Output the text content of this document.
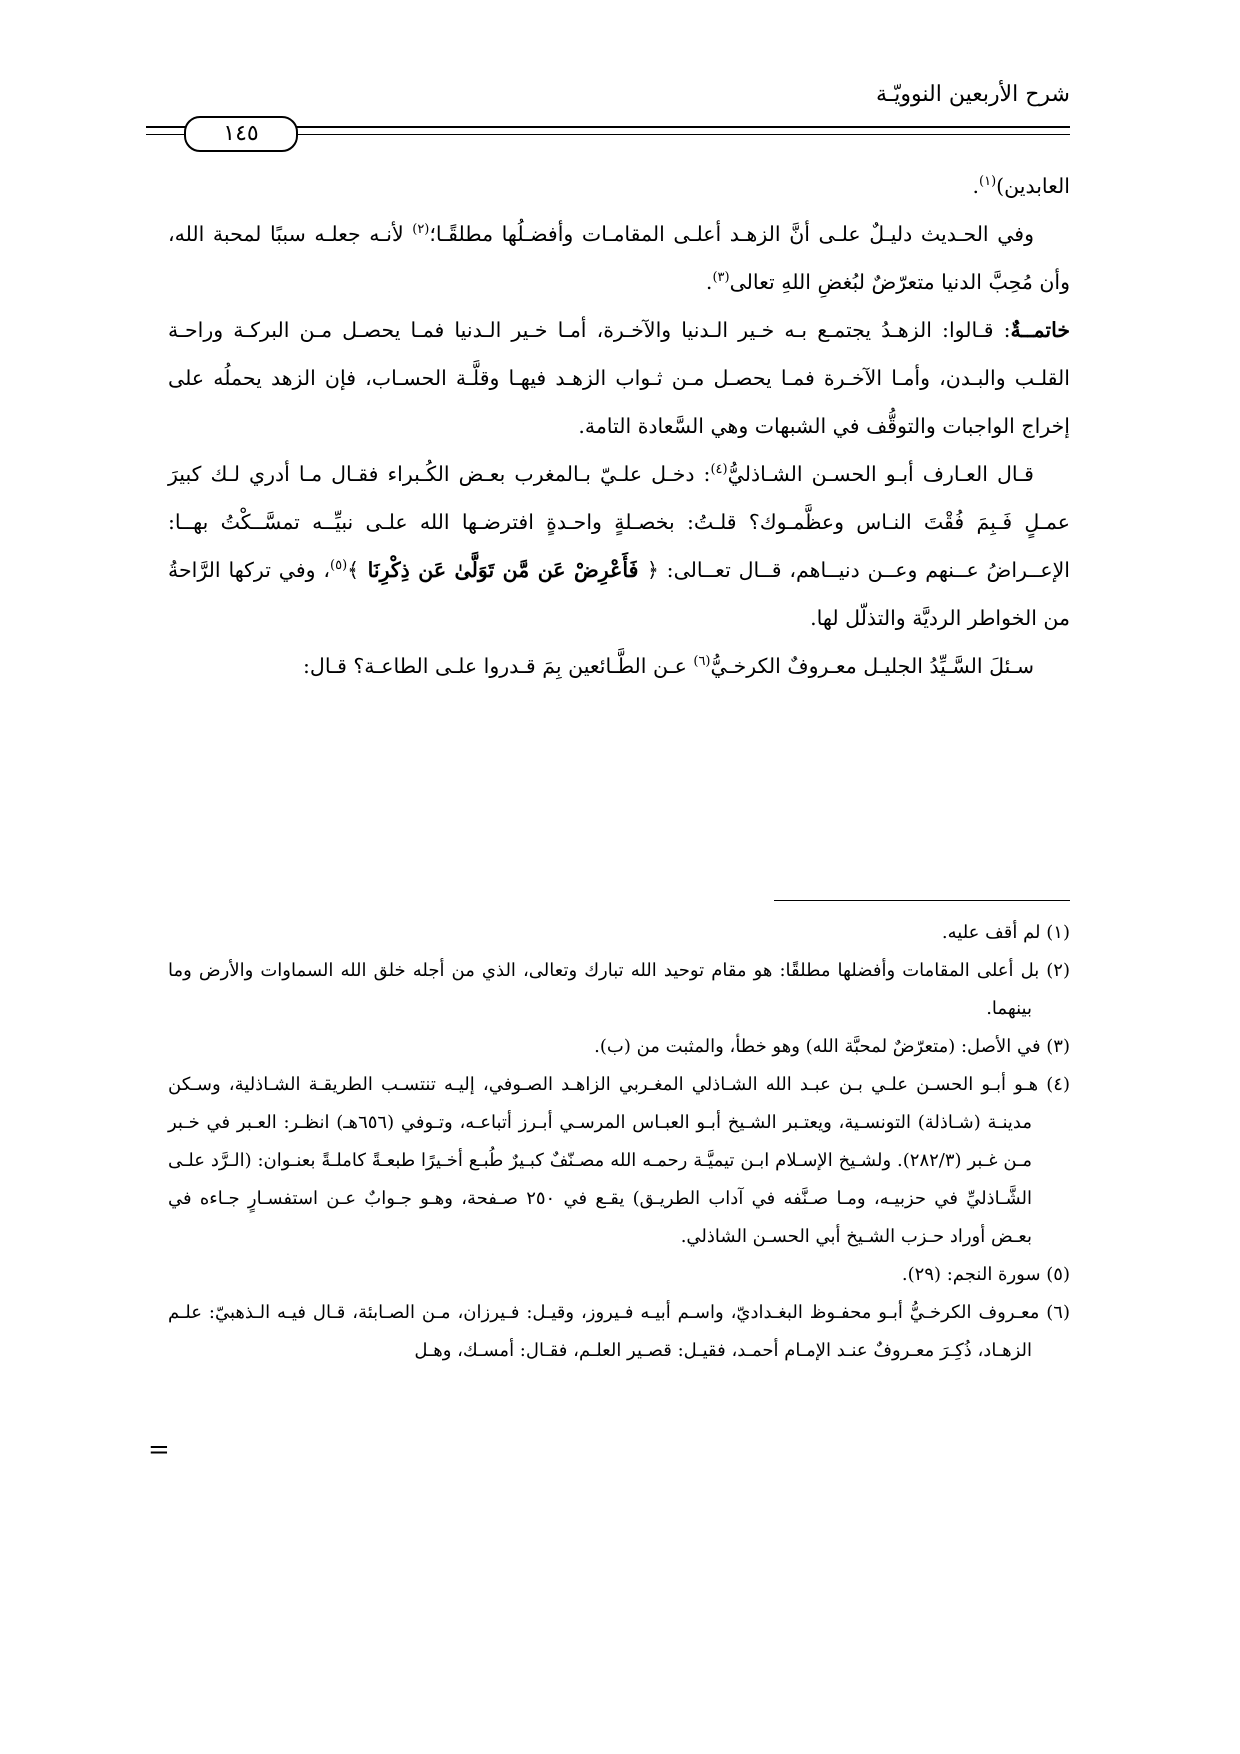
شرح الأربعين النوويّـة
١٤٥

العابدين)$^{(١)}$.

وفي الحـديث دليـلٌ علـى أنَّ الزهـد أعلـى المقامـات وأفضـلُها مطلقًـا؛$^{(٢)}$ لأنـه جعلـه سببًا لمحبة الله، وأن مُحِبَّ الدنيا متعرّضٌ لبُغضِ اللهِ تعالى$^{(٣)}$.

خاتمــةٌ: قـالوا: الزهـدُ يجتمـع بـه خـير الـدنيا والآخـرة، أمـا خـير الـدنيا فمـا يحصـل مـن البركـة وراحـة القلـب والبـدن، وأمـا الآخـرة فمـا يحصـل مـن ثـواب الزهـد فيهـا وقلَّـة الحسـاب، فإن الزهد يحملُه على إخراج الواجبات والتوقُّف في الشبهات وهي السَّعادة التامة.

قـال العـارف أبـو الحسـن الشـاذليُّ$^{(٤)}$: دخـل علـيّ بـالمغرب بعـض الكُـبراء فقـال مـا أدري لـك كبيرَ عمـلٍ فَـبِمَ فُقْتَ النـاس وعظَّمـوك؟ قلـتُ: بخصـلةٍ واحـدةٍ افترضـها الله علـى نبيِّــه تمسَّــكْتُ بهــا: الإعــراضُ عــنهم وعــن دنيــاهم، قــال تعــالى: ﴿ فَأَعْرِضْ عَن مَّن تَوَلَّىٰ عَن ذِكْرِنَا ﴾$^{(٥)}$، وفي تركها الرَّاحةُ من الخواطر الرديَّة والتذلّل لها.

سـئلَ السَّـيِّدُ الجليـل معـروفٌ الكرخـيُّ$^{(٦)}$ عـن الطَّـائعين بِمَ قـدروا علـى الطاعـة؟ قـال:

(١) لم أقف عليه.

(٢) بل أعلى المقامات وأفضلها مطلقًا: هو مقام توحيد الله تبارك وتعالى، الذي من أجله خلق الله السماوات والأرض وما بينهما.

(٣) في الأصل: (متعرّضٌ لمحبَّة الله) وهو خطأ، والمثبت من (ب).

(٤) هـو أبـو الحسـن علـي بـن عبـد الله الشـاذلي المغـربي الزاهـد الصـوفي، إليـه تنتسـب الطريقـة الشـاذلية، وسـكن مدينـة (شـاذلة) التونسـية، ويعتـبر الشـيخ أبـو العبـاس المرسـي أبـرز أتباعـه، وتـوفي (٦٥٦هـ) انظـر: العـبر في خـبر مـن غـبر (٢٨٢/٣). ولشـيخ الإسـلام ابـن تيميَّـة رحمـه الله مصـنّفٌ كبـيرٌ طُبـع أخـيرًا طبعـةً كاملـةً بعنـوان: (الـرَّد علـى الشَّـاذليِّ في حزبيـه، ومـا صـنَّفه في آداب الطريـق) يقـع في ٢٥٠ صـفحة، وهـو جـوابٌ عـن استفسـارٍ جـاءه في بعـض أوراد حـزب الشـيخ أبي الحسـن الشاذلي.

(٥) سورة النجم: (٢٩).

(٦) معـروف الكرخـيُّ أبـو محفـوظ البغـداديّ، واسـم أبيـه فـيروز، وقيـل: فـيرزان، مـن الصـابئة، قـال فيـه الـذهبيّ: علـم الزهـاد، ذُكِـرَ معـروفٌ عنـد الإمـام أحمـد، فقيـل: قصـير العلـم، فقـال: أمسـك، وهـل

=
